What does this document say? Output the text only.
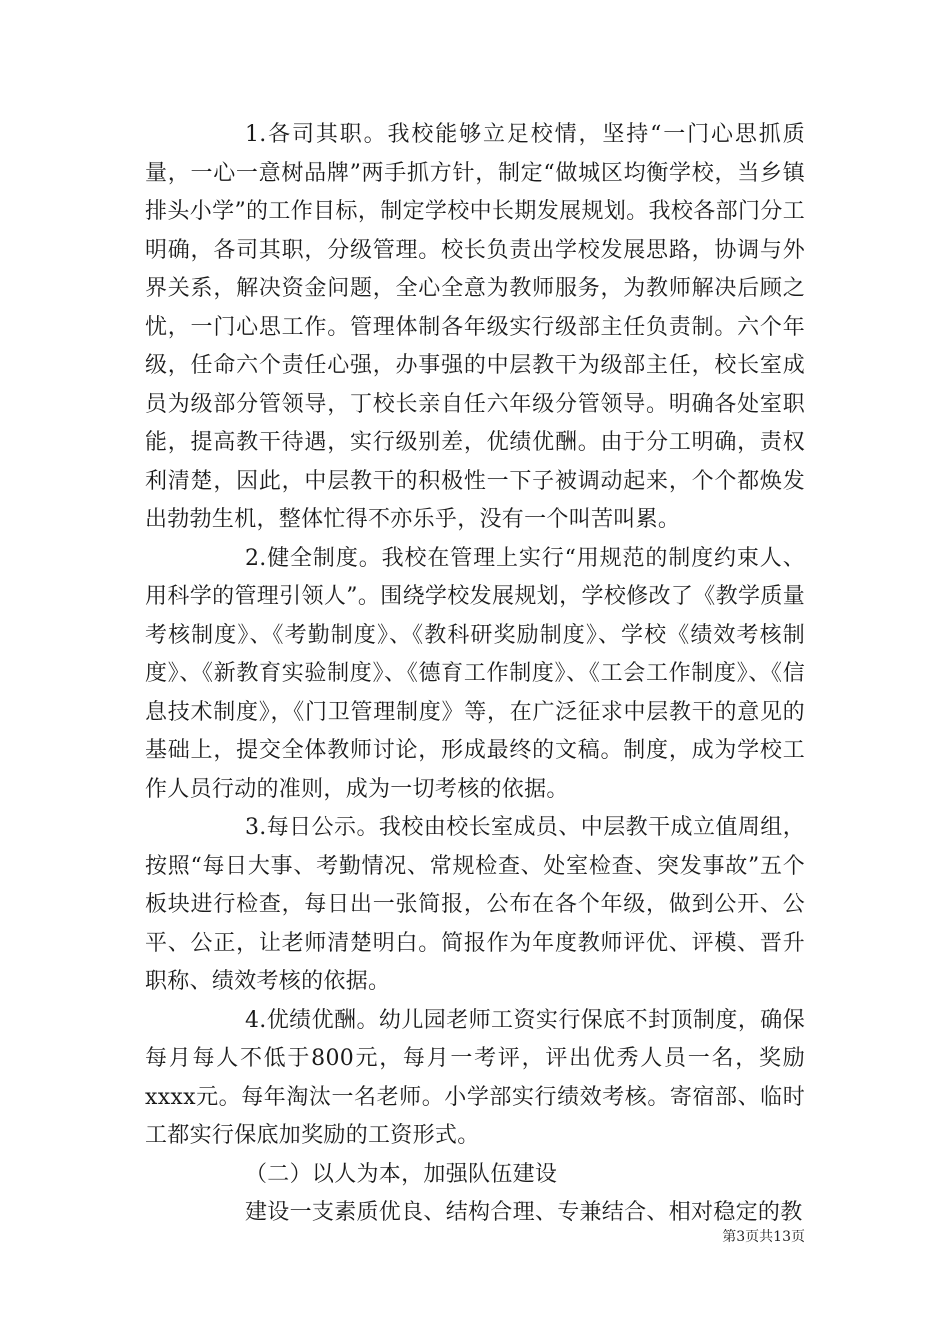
1.各司其职。我校能够立足校情，坚持“一门心思抓质量，一心一意树品牌”两手抓方针，制定“做城区均衡学校，当乡镇排头小学”的工作目标，制定学校中长期发展规划。我校各部门分工明确，各司其职，分级管理。校长负责出学校发展思路，协调与外界关系，解决资金问题，全心全意为教师服务，为教师解决后顾之忧，一门心思工作。管理体制各年级实行级部主任负责制。六个年级，任命六个责任心强，办事强的中层教干为级部主任，校长室成员为级部分管领导，丁校长亲自任六年级分管领导。明确各处室职能，提高教干待遇，实行级别差，优绩优酬。由于分工明确，责权利清楚，因此，中层教干的积极性一下子被调动起来，个个都焕发出勃勃生机，整体忙得不亦乐乎，没有一个叫苦叫累。

2.健全制度。我校在管理上实行“用规范的制度约束人、用科学的管理引领人”。围绕学校发展规划，学校修改了《教学质量考核制度》、《考勤制度》、《教科研奖励制度》、学校《绩效考核制度》、《新教育实验制度》、《德育工作制度》、《工会工作制度》、《信息技术制度》，《门卫管理制度》等，在广泛征求中层教干的意见的基础上，提交全体教师讨论，形成最终的文稿。制度，成为学校工作人员行动的准则，成为一切考核的依据。

3.每日公示。我校由校长室成员、中层教干成立值周组，按照“每日大事、考勤情况、常规检查、处室检查、突发事故”五个板块进行检查，每日出一张简报，公布在各个年级，做到公开、公平、公正，让老师清楚明白。简报作为年度教师评优、评模、晋升职称、绩效考核的依据。

4.优绩优酬。幼儿园老师工资实行保底不封顶制度，确保每月每人不低于800元，每月一考评，评出优秀人员一名，奖励xxxx元。每年淘汰一名老师。小学部实行绩效考核。寄宿部、临时工都实行保底加奖励的工资形式。

（二）以人为本，加强队伍建设

建设一支素质优良、结构合理、专兼结合、相对稳定的教

第3页共13页
